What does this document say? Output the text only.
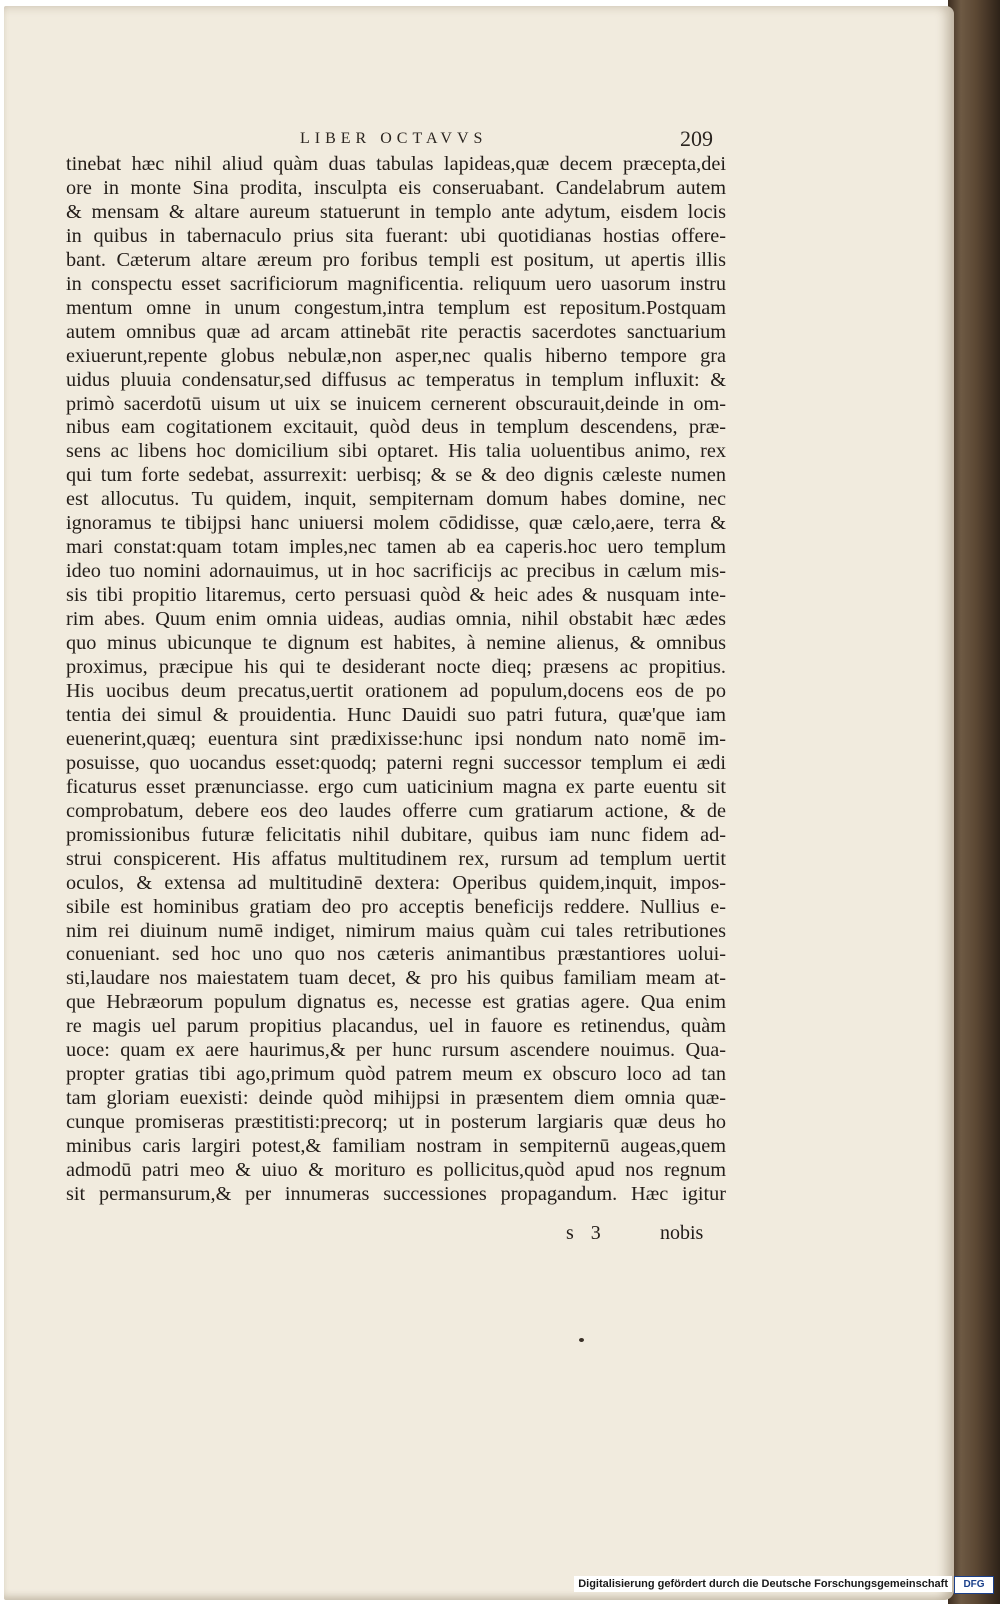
LIBER OCTAVVS	209
tinebat hæc nihil aliud quàm duas tabulas lapideas,quæ decem præcepta,dei
ore in monte Sina prodita, insculpta eis conseruabant. Candelabrum autem
& mensam & altare aureum statuerunt in templo ante adytum, eisdem locis
in quibus in tabernaculo prius sita fuerant: ubi quotidianas hostias offere-
bant. Cæterum altare æreum pro foribus templi est positum, ut apertis illis
in conspectu esset sacrificiorum magnificentia. reliquum uero uasorum instru
mentum omne in unum congestum,intra templum est repositum.Postquam
autem omnibus quæ ad arcam attinebāt rite peractis sacerdotes sanctuarium
exiuerunt,repente globus nebulæ,non asper,nec qualis hiberno tempore gra
uidus pluuia condensatur,sed diffusus ac temperatus in templum influxit: &
primò sacerdotū uisum ut uix se inuicem cernerent obscurauit,deinde in om-
nibus eam cogitationem excitauit, quòd deus in templum descendens, præ-
sens ac libens hoc domicilium sibi optaret. His talia uoluentibus animo, rex
qui tum forte sedebat, assurrexit: uerbisq; & se & deo dignis cæleste numen
est allocutus. Tu quidem, inquit, sempiternam domum habes domine, nec
ignoramus te tibijpsi hanc uniuersi molem cōdidisse, quæ cælo,aere, terra &
mari constat:quam totam imples,nec tamen ab ea caperis.hoc uero templum
ideo tuo nomini adornauimus, ut in hoc sacrificijs ac precibus in cælum mis-
sis tibi propitio litaremus, certo persuasi quòd & heic ades & nusquam inte-
rim abes. Quum enim omnia uideas, audias omnia, nihil obstabit hæc ædes
quo minus ubicunque te dignum est habites, à nemine alienus, & omnibus
proximus, præcipue his qui te desiderant nocte dieq; præsens ac propitius.
His uocibus deum precatus,uertit orationem ad populum,docens eos de po
tentia dei simul & prouidentia. Hunc Dauidi suo patri futura, quæ'que iam
euenerint,quæq; euentura sint prædixisse:hunc ipsi nondum nato nomē im-
posuisse, quo uocandus esset:quodq; paterni regni successor templum ei ædi
ficaturus esset prænunciasse. ergo cum uaticinium magna ex parte euentu sit
comprobatum, debere eos deo laudes offerre cum gratiarum actione, & de
promissionibus futuræ felicitatis nihil dubitare, quibus iam nunc fidem ad-
strui conspicerent. His affatus multitudinem rex, rursum ad templum uertit
oculos, & extensa ad multitudinē dextera: Operibus quidem,inquit, impos-
sibile est hominibus gratiam deo pro acceptis beneficijs reddere. Nullius e-
nim rei diuinum numē indiget, nimirum maius quàm cui tales retributiones
conueniant. sed hoc uno quo nos cæteris animantibus præstantiores uolui-
sti,laudare nos maiestatem tuam decet, & pro his quibus familiam meam at-
que Hebræorum populum dignatus es, necesse est gratias agere. Qua enim
re magis uel parum propitius placandus, uel in fauore es retinendus, quàm
uoce: quam ex aere haurimus,& per hunc rursum ascendere nouimus. Qua-
propter gratias tibi ago,primum quòd patrem meum ex obscuro loco ad tan
tam gloriam euexisti: deinde quòd mihijpsi in præsentem diem omnia quæ-
cunque promiseras præstitisti:precorq; ut in posterum largiaris quæ deus ho
minibus caris largiri potest,& familiam nostram in sempiternū augeas,quem
admodū patri meo & uiuo & moriturο es pollicitus,quòd apud nos regnum
sit permansurum,& per innumeras successiones propagandum. Hæc igitur
s 3	nobis
Digitalisierung gefördert durch die Deutsche Forschungsgemeinschaft	DFG
